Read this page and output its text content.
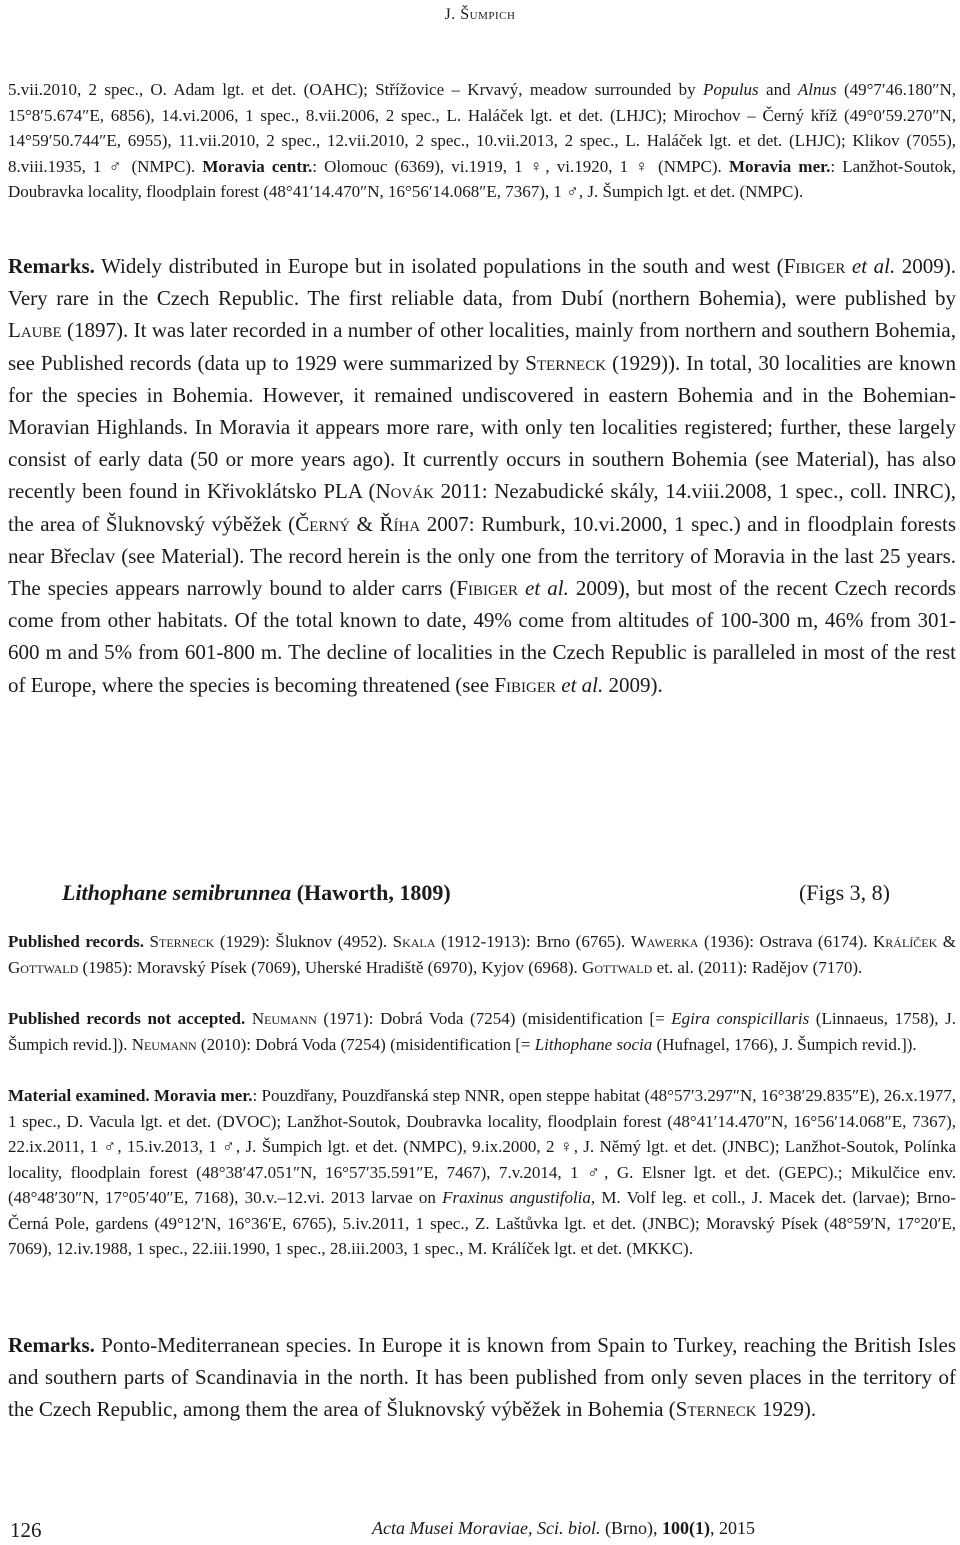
J. Šumpich
5.vii.2010, 2 spec., O. Adam lgt. et det. (OAHC); Střížovice – Krvavý, meadow surrounded by Populus and Alnus (49°7′46.180″N, 15°8′5.674″E, 6856), 14.vi.2006, 1 spec., 8.vii.2006, 2 spec., L. Haláček lgt. et det. (LHJC); Mirochov – Černý kříž (49°0′59.270″N, 14°59′50.744″E, 6955), 11.vii.2010, 2 spec., 12.vii.2010, 2 spec., 10.vii.2013, 2 spec., L. Haláček lgt. et det. (LHJC); Klikov (7055), 8.viii.1935, 1 ♂ (NMPC). Moravia centr.: Olomouc (6369), vi.1919, 1 ♀, vi.1920, 1 ♀ (NMPC). Moravia mer.: Lanžhot-Soutok, Doubravka locality, floodplain forest (48°41′14.470″N, 16°56′14.068″E, 7367), 1 ♂, J. Šumpich lgt. et det. (NMPC).
Remarks. Widely distributed in Europe but in isolated populations in the south and west (Fibiger et al. 2009). Very rare in the Czech Republic. The first reliable data, from Dubí (northern Bohemia), were published by Laube (1897). It was later recorded in a number of other localities, mainly from northern and southern Bohemia, see Published records (data up to 1929 were summarized by Sterneck (1929)). In total, 30 localities are known for the species in Bohemia. However, it remained undiscovered in eastern Bohemia and in the Bohemian-Moravian Highlands. In Moravia it appears more rare, with only ten localities registered; further, these largely consist of early data (50 or more years ago). It currently occurs in southern Bohemia (see Material), has also recently been found in Křivoklátsko PLA (Novák 2011: Nezabudické skály, 14.viii.2008, 1 spec., coll. INRC), the area of Šluknovský výběžek (Černý & Říha 2007: Rumburk, 10.vi.2000, 1 spec.) and in floodplain forests near Břeclav (see Material). The record herein is the only one from the territory of Moravia in the last 25 years. The species appears narrowly bound to alder carrs (Fibiger et al. 2009), but most of the recent Czech records come from other habitats. Of the total known to date, 49% come from altitudes of 100-300 m, 46% from 301-600 m and 5% from 601-800 m. The decline of localities in the Czech Republic is paralleled in most of the rest of Europe, where the species is becoming threatened (see Fibiger et al. 2009).
Lithophane semibrunnea (Haworth, 1809)	(Figs 3, 8)
Published records. Sterneck (1929): Šluknov (4952). Skala (1912-1913): Brno (6765). Wawerka (1936): Ostrava (6174). Králíček & Gottwald (1985): Moravský Písek (7069), Uherské Hradiště (6970), Kyjov (6968). Gottwald et. al. (2011): Radějov (7170).
Published records not accepted. Neumann (1971): Dobrá Voda (7254) (misidentification [= Egira conspicillaris (Linnaeus, 1758), J. Šumpich revid.]). Neumann (2010): Dobrá Voda (7254) (misidentification [= Lithophane socia (Hufnagel, 1766), J. Šumpich revid.]).
Material examined. Moravia mer.: Pouzdřany, Pouzdřanská step NNR, open steppe habitat (48°57′3.297″N, 16°38′29.835″E), 26.x.1977, 1 spec., D. Vacula lgt. et det. (DVOC); Lanžhot-Soutok, Doubravka locality, floodplain forest (48°41′14.470″N, 16°56′14.068″E, 7367), 22.ix.2011, 1 ♂, 15.iv.2013, 1 ♂, J. Šumpich lgt. et det. (NMPC), 9.ix.2000, 2 ♀, J. Němý lgt. et det. (JNBC); Lanžhot-Soutok, Polínka locality, floodplain forest (48°38′47.051″N, 16°57′35.591″E, 7467), 7.v.2014, 1 ♂, G. Elsner lgt. et det. (GEPC).; Mikulčice env. (48°48′30″N, 17°05′40″E, 7168), 30.v.–12.vi. 2013 larvae on Fraxinus angustifolia, M. Volf leg. et coll., J. Macek det. (larvae); Brno-Černá Pole, gardens (49°12′N, 16°36′E, 6765), 5.iv.2011, 1 spec., Z. Laštůvka lgt. et det. (JNBC); Moravský Písek (48°59′N, 17°20′E, 7069), 12.iv.1988, 1 spec., 22.iii.1990, 1 spec., 28.iii.2003, 1 spec., M. Králíček lgt. et det. (MKKC).
Remarks. Ponto-Mediterranean species. In Europe it is known from Spain to Turkey, reaching the British Isles and southern parts of Scandinavia in the north. It has been published from only seven places in the territory of the Czech Republic, among them the area of Šluknovský výběžek in Bohemia (Sterneck 1929).
126	Acta Musei Moraviae, Sci. biol. (Brno), 100(1), 2015
